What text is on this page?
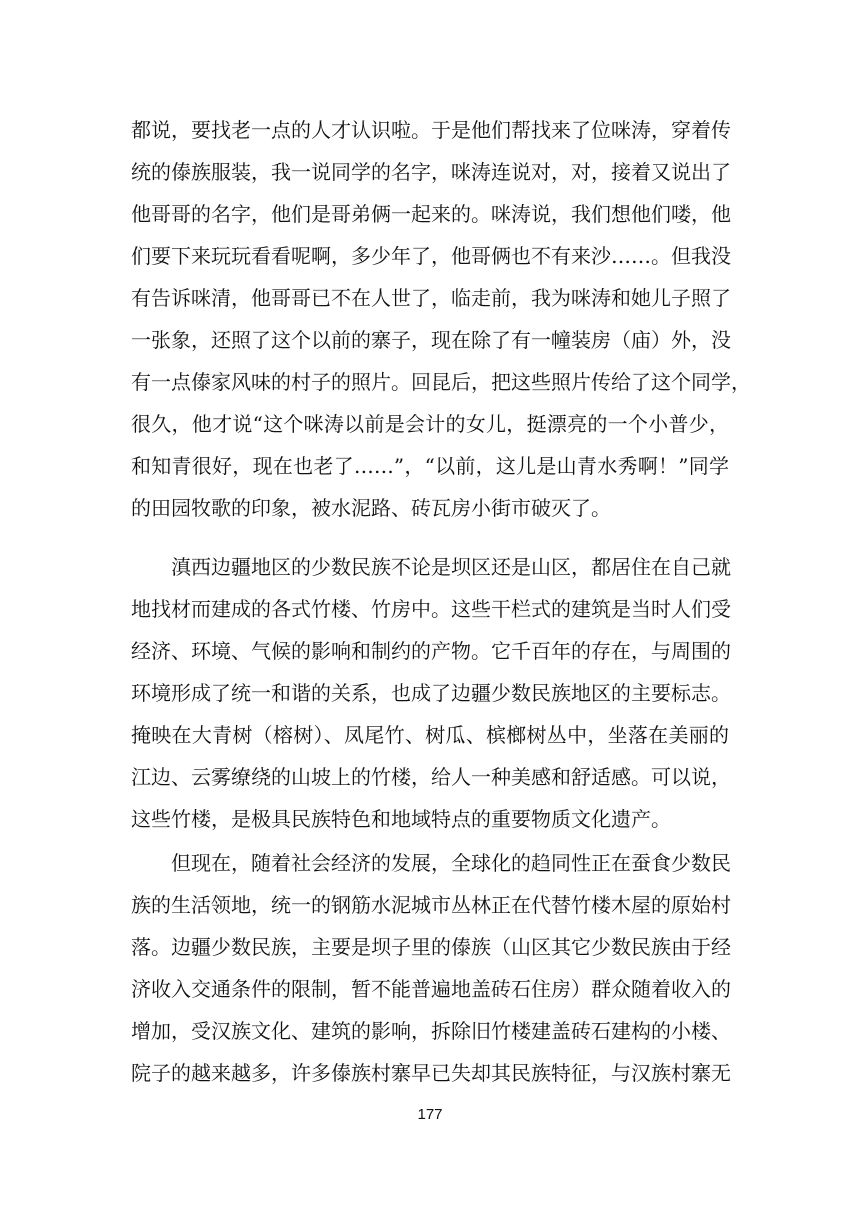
都说，要找老一点的人才认识啦。于是他们帮找来了位咪涛，穿着传
统的傣族服装，我一说同学的名字，咪涛连说对，对，接着又说出了
他哥哥的名字，他们是哥弟俩一起来的。咪涛说，我们想他们喽，他
们要下来玩玩看看呢啊，多少年了，他哥俩也不有来沙……。但我没
有告诉咪清，他哥哥已不在人世了，临走前，我为咪涛和她儿子照了
一张象，还照了这个以前的寨子，现在除了有一幢装房（庙）外，没
有一点傣家风味的村子的照片。回昆后，把这些照片传给了这个同学，
很久，他才说“这个咪涛以前是会计的女儿，挺漂亮的一个小普少，
和知青很好，现在也老了……”，“以前，这儿是山青水秀啊！”同学
的田园牧歌的印象，被水泥路、砖瓦房小街市破灭了。
滇西边疆地区的少数民族不论是坝区还是山区，都居住在自己就
地找材而建成的各式竹楼、竹房中。这些干栏式的建筑是当时人们受
经济、环境、气候的影响和制约的产物。它千百年的存在，与周围的
环境形成了统一和谐的关系，也成了边疆少数民族地区的主要标志。
掩映在大青树（榕树）、凤尾竹、树瓜、槟榔树丛中，坐落在美丽的
江边、云雾缭绕的山坡上的竹楼，给人一种美感和舒适感。可以说，
这些竹楼，是极具民族特色和地域特点的重要物质文化遗产。
但现在，随着社会经济的发展，全球化的趋同性正在蚕食少数民
族的生活领地，统一的钢筋水泥城市丛林正在代替竹楼木屋的原始村
落。边疆少数民族，主要是坝子里的傣族（山区其它少数民族由于经
济收入交通条件的限制，暂不能普遍地盖砖石住房）群众随着收入的
增加，受汉族文化、建筑的影响，拆除旧竹楼建盖砖石建构的小楼、
院子的越来越多，许多傣族村寨早已失却其民族特征，与汉族村寨无
177
